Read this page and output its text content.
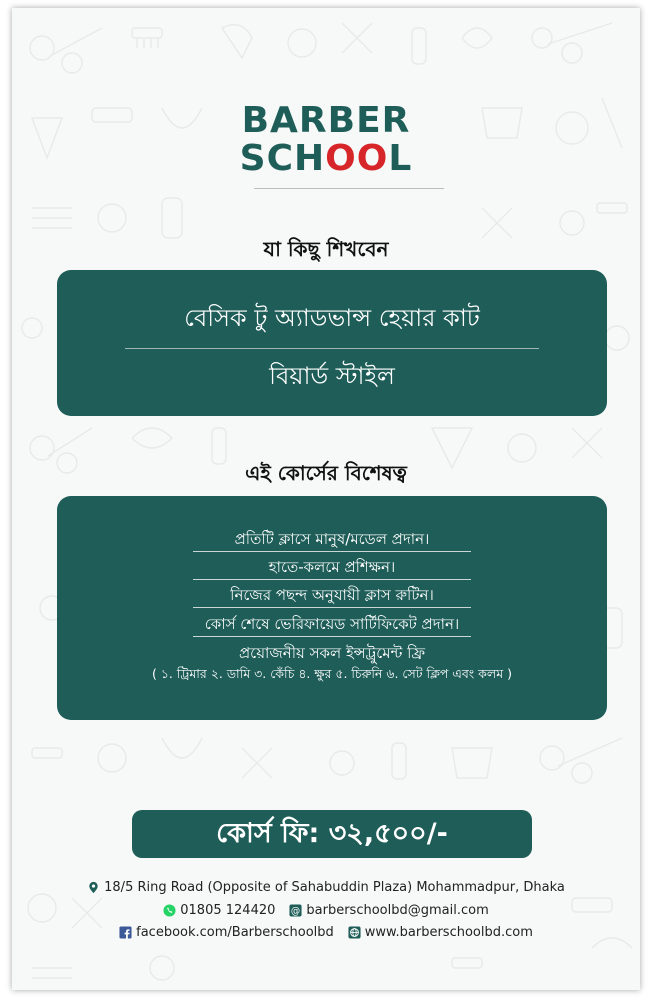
BARBER
SCHOOL
যা কিছু শিখবেন
বেসিক টু অ্যাডভান্স হেয়ার কাট
বিয়ার্ড স্টাইল
এই কোর্সের বিশেষত্ব
প্রতিটি ক্লাসে মানুষ/মডেল প্রদান।
হাতে-কলমে প্রশিক্ষন।
নিজের পছন্দ অনুযায়ী ক্লাস রুটিন।
কোর্স শেষে ভেরিফায়েড সার্টিফিকেট প্রদান।
প্রয়োজনীয় সকল ইন্সট্রুমেন্ট ফ্রি
( ১. ট্রিমার ২. ডামি ৩. কেঁচি ৪. ক্ষুর ৫. চিরুনি ৬. সেট ক্লিপ এবং কলম )
কোর্স ফি: ৩২,৫০০/-
18/5 Ring Road (Opposite of Sahabuddin Plaza) Mohammadpur, Dhaka
01805 124420 @ barberschoolbd@gmail.com
facebook.com/Barberschoolbd www.barberschoolbd.com
